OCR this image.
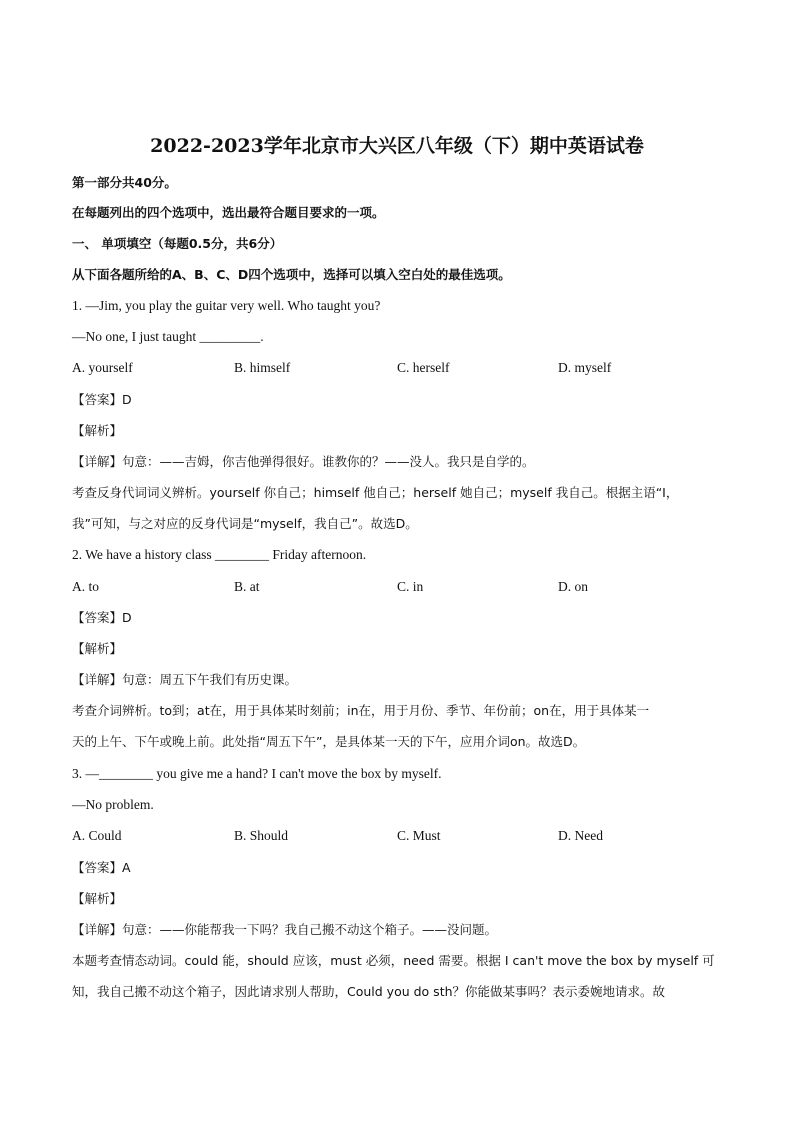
2022-2023学年北京市大兴区八年级（下）期中英语试卷
第一部分共40分。
在每题列出的四个选项中，选出最符合题目要求的一项。
一、 单项填空（每题0.5分，共6分）
从下面各题所给的A、B、C、D四个选项中，选择可以填入空白处的最佳选项。
1. —Jim, you play the guitar very well. Who taught you?
—No one, I just taught _________.
A. yourself	B. himself	C. herself	D. myself
【答案】D
【解析】
【详解】句意：——吉姆，你吉他弹得很好。谁教你的？——没人。我只是自学的。
考查反身代词词义辨析。yourself 你自己；himself 他自己；herself 她自己；myself 我自己。根据主语“I，
我”可知，与之对应的反身代词是“myself，我自己”。故选D。
2. We have a history class ________ Friday afternoon.
A. to	B. at	C. in	D. on
【答案】D
【解析】
【详解】句意：周五下午我们有历史课。
考查介词辨析。to到；at在，用于具体某时刻前；in在，用于月份、季节、年份前；on在，用于具体某一
天的上午、下午或晚上前。此处指“周五下午”，是具体某一天的下午，应用介词on。故选D。
3. —________ you give me a hand? I can't move the box by myself.
—No problem.
A. Could	B. Should	C. Must	D. Need
【答案】A
【解析】
【详解】句意：——你能帮我一下吗？我自己搬不动这个箱子。——没问题。
本题考查情态动词。could 能，should 应该，must 必须，need 需要。根据 I can't move the box by myself 可
知，我自己搬不动这个箱子，因此请求别人帮助，Could you do sth？你能做某事吗？表示委婉地请求。故
